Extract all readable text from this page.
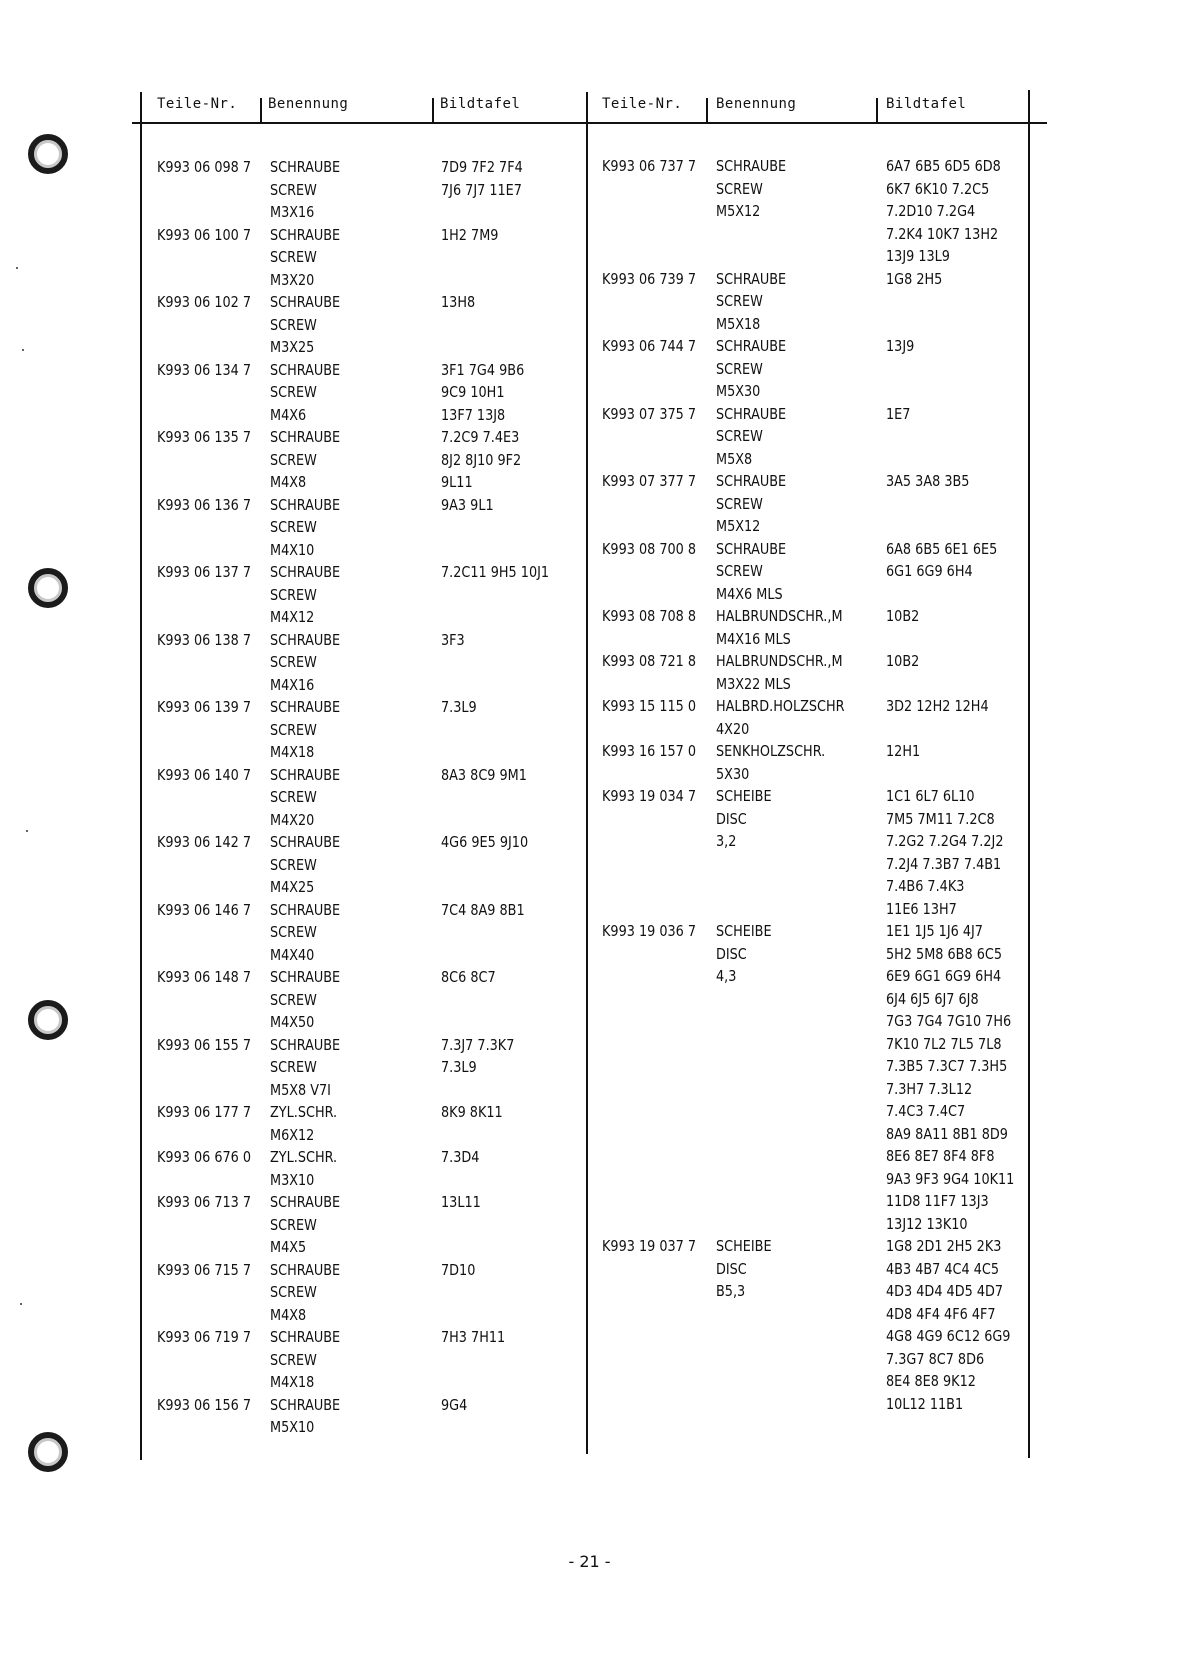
Teile-Nr. Benennung	Bildtafel	Teile-Nr. Benennung	Bildtafel
K993 06 098 7 SCHRAUBE	7D9 7F2 7F4
SCREW	7J6 7J7 11E7
M3X16
K993 06 100 7 SCHRAUBE	1H2 7M9
SCREW
M3X20
K993 06 102 7 SCHRAUBE	13H8
SCREW
M3X25
K993 06 134 7 SCHRAUBE	3F1 7G4 9B6
SCREW	9C9 10H1
M4X6	13F7 13J8
K993 06 135 7 SCHRAUBE	7.2C9 7.4E3
SCREW	8J2 8J10 9F2
M4X8	9L11
K993 06 136 7 SCHRAUBE	9A3 9L1
SCREW
M4X10
K993 06 137 7 SCHRAUBE	7.2C11 9H5 10J1
SCREW
M4X12
K993 06 138 7 SCHRAUBE	3F3
SCREW
M4X16
K993 06 139 7 SCHRAUBE	7.3L9
SCREW
M4X18
K993 06 140 7 SCHRAUBE	8A3 8C9 9M1
SCREW
M4X20
K993 06 142 7 SCHRAUBE	4G6 9E5 9J10
SCREW
M4X25
K993 06 146 7 SCHRAUBE	7C4 8A9 8B1
SCREW
M4X40
K993 06 148 7 SCHRAUBE	8C6 8C7
SCREW
M4X50
K993 06 155 7 SCHRAUBE	7.3J7 7.3K7
SCREW	7.3L9
M5X8 V7I
K993 06 177 7 ZYL.SCHR.	8K9 8K11
M6X12
K993 06 676 0 ZYL.SCHR.	7.3D4
M3X10
K993 06 713 7 SCHRAUBE	13L11
SCREW
M4X5
K993 06 715 7 SCHRAUBE	7D10
SCREW
M4X8
K993 06 719 7 SCHRAUBE	7H3 7H11
SCREW
M4X18
K993 06 156 7 SCHRAUBE	9G4
M5X10
K993 06 737 7 SCHRAUBE	6A7 6B5 6D5 6D8
SCREW	6K7 6K10 7.2C5
M5X12	7.2D10 7.2G4
7.2K4 10K7 13H2
13J9 13L9
K993 06 739 7 SCHRAUBE	1G8 2H5
SCREW
M5X18
K993 06 744 7 SCHRAUBE	13J9
SCREW
M5X30
K993 07 375 7 SCHRAUBE	1E7
SCREW
M5X8
K993 07 377 7 SCHRAUBE	3A5 3A8 3B5
SCREW
M5X12
K993 08 700 8 SCHRAUBE	6A8 6B5 6E1 6E5
SCREW	6G1 6G9 6H4
M4X6 MLS
K993 08 708 8 HALBRUNDSCHR.,M	10B2
M4X16 MLS
K993 08 721 8 HALBRUNDSCHR.,M	10B2
M3X22 MLS
K993 15 115 0 HALBRD.HOLZSCHR	3D2 12H2 12H4
4X20
K993 16 157 0 SENKHOLZSCHR.	12H1
5X30
K993 19 034 7 SCHEIBE	1C1 6L7 6L10
DISC	7M5 7M11 7.2C8
3,2	7.2G2 7.2G4 7.2J2
7.2J4 7.3B7 7.4B1
7.4B6 7.4K3
11E6 13H7
K993 19 036 7 SCHEIBE	1E1 1J5 1J6 4J7
DISC	5H2 5M8 6B8 6C5
4,3	6E9 6G1 6G9 6H4
6J4 6J5 6J7 6J8
7G3 7G4 7G10 7H6
7K10 7L2 7L5 7L8
7.3B5 7.3C7 7.3H5
7.3H7 7.3L12
7.4C3 7.4C7
8A9 8A11 8B1 8D9
8E6 8E7 8F4 8F8
9A3 9F3 9G4 10K11
11D8 11F7 13J3
13J12 13K10
K993 19 037 7 SCHEIBE	1G8 2D1 2H5 2K3
DISC	4B3 4B7 4C4 4C5
B5,3	4D3 4D4 4D5 4D7
4D8 4F4 4F6 4F7
4G8 4G9 6C12 6G9
7.3G7 8C7 8D6
8E4 8E8 9K12
10L12 11B1
- 21 -
